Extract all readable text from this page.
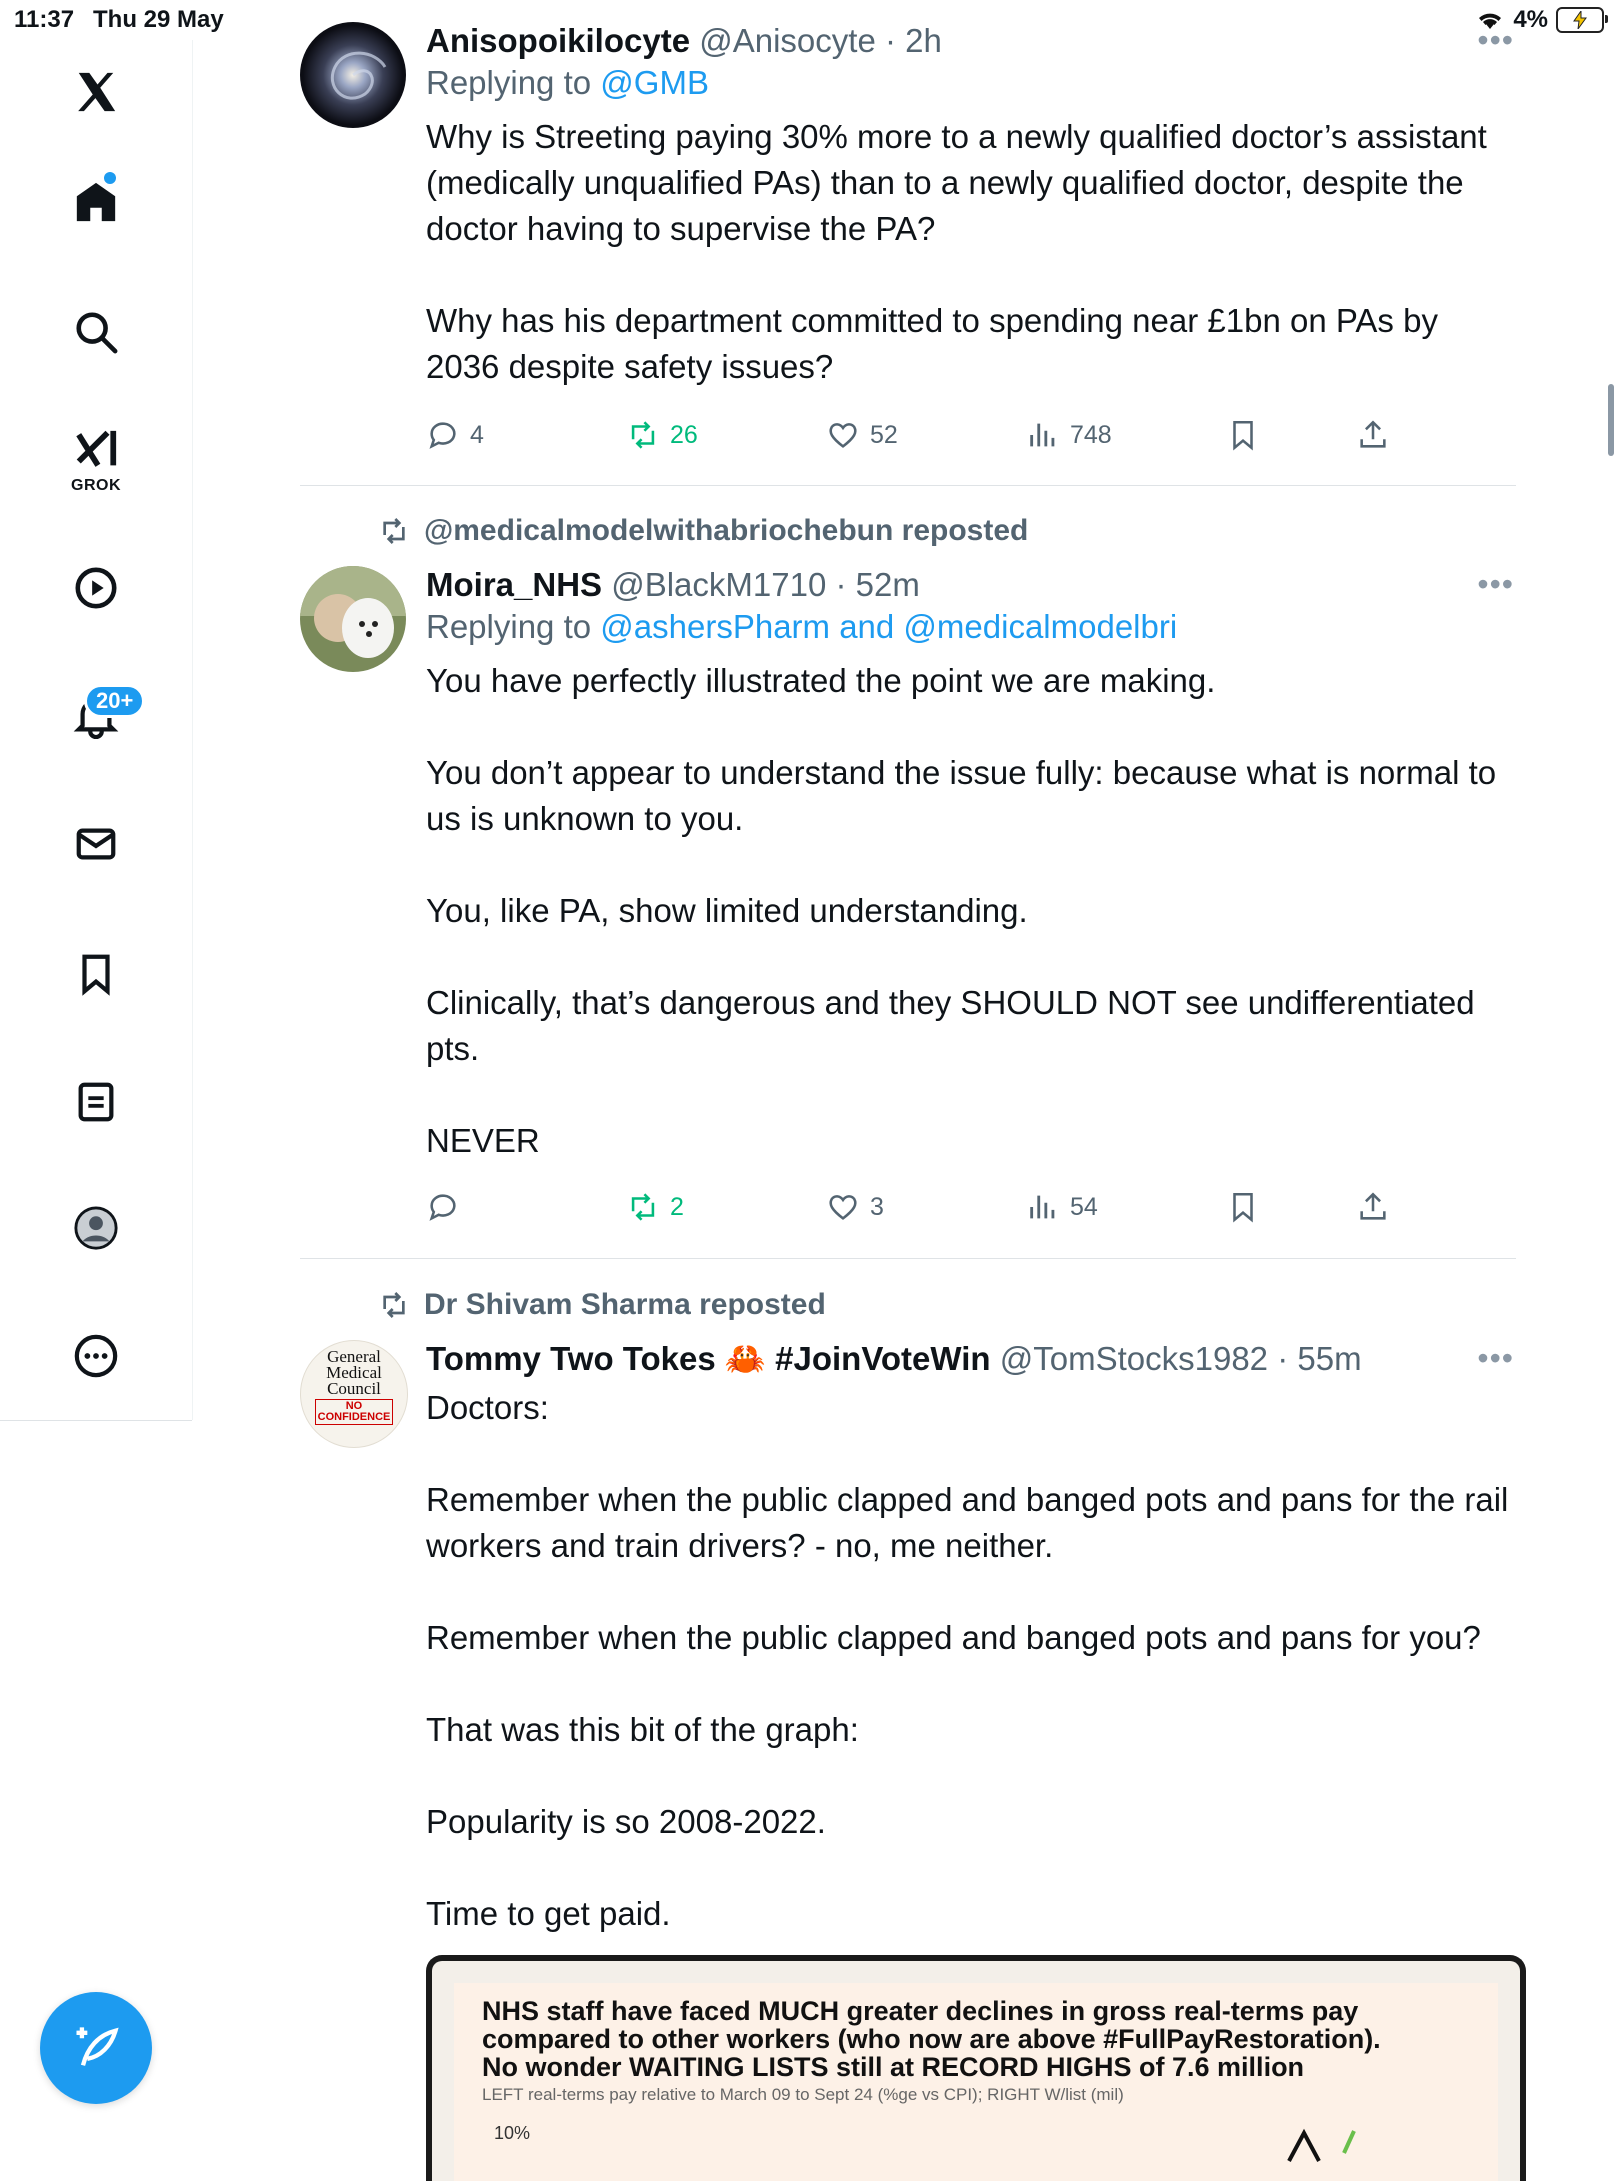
11:37 Thu 29 May	4%
GROK
20+
Anisopoikilocyte @Anisocyte · 2h
Replying to @GMB

Why is Streeting paying 30% more to a newly qualified doctor’s assistant (medically unqualified PAs) than to a newly qualified doctor, despite the doctor having to supervise the PA?

Why has his department committed to spending near £1bn on PAs by 2036 despite safety issues?

•••
4	26	52	748
@medicalmodelwithabriochebun reposted
Moira_NHS @BlackM1710 · 52m
Replying to @ashersPharm and @medicalmodelbri

You have perfectly illustrated the point we are making.

You don’t appear to understand the issue fully: because what is normal to us is unknown to you.

You, like PA, show limited understanding.

Clinically, that’s dangerous and they SHOULD NOT see undifferentiated pts.

NEVER

•••
2	3	54
Dr Shivam Sharma reposted
General
Medical
Council
NO
CONFIDENCE
Tommy Two Tokes 🦀 #JoinVoteWin @TomStocks1982 · 55m

Doctors:

Remember when the public clapped and banged pots and pans for the rail workers and train drivers? - no, me neither.

Remember when the public clapped and banged pots and pans for you?

That was this bit of the graph:

Popularity is so 2008-2022.

Time to get paid.

•••
NHS staff have faced MUCH greater declines in gross real-terms pay
compared to other workers (who now are above #FullPayRestoration).
No wonder WAITING LISTS still at RECORD HIGHS of 7.6 million
LEFT real-terms pay relative to March 09 to Sept 24 (%ge vs CPI); RIGHT W/list (mil)
10%
